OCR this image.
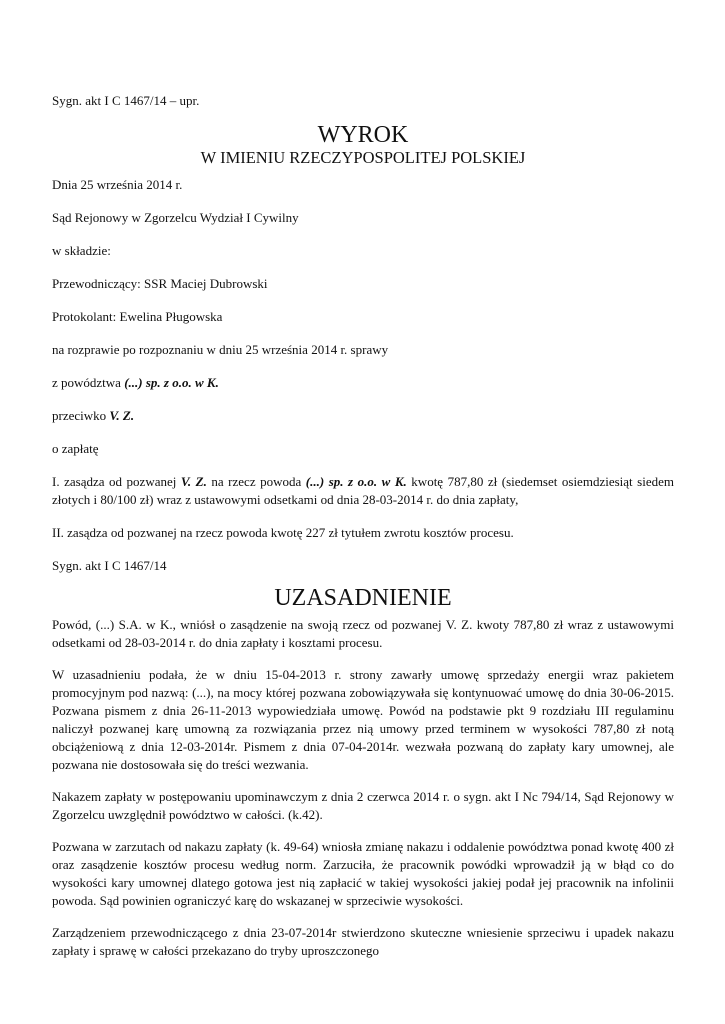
Sygn. akt I C 1467/14 – upr.

WYROK
W IMIENIU RZECZYPOSPOLITEJ POLSKIEJ

Dnia 25 września 2014 r.

Sąd Rejonowy w Zgorzelcu Wydział I Cywilny

w składzie:

Przewodniczący: SSR Maciej Dubrowski

Protokolant: Ewelina Pługowska

na rozprawie po rozpoznaniu w dniu 25 września 2014 r. sprawy

z powództwa (...) sp. z o.o. w K.

przeciwko V. Z.

o zapłatę

I. zasądza od pozwanej V. Z. na rzecz powoda (...) sp. z o.o. w K. kwotę 787,80 zł (siedemset osiemdziesiąt siedem złotych i 80/100 zł) wraz z ustawowymi odsetkami od dnia 28-03-2014 r. do dnia zapłaty,

II. zasądza od pozwanej na rzecz powoda kwotę 227 zł tytułem zwrotu kosztów procesu.

Sygn. akt I C 1467/14

UZASADNIENIE

Powód, (...) S.A. w K., wniósł o zasądzenie na swoją rzecz od pozwanej V. Z. kwoty 787,80 zł wraz z ustawowymi odsetkami od 28-03-2014 r. do dnia zapłaty i kosztami procesu.

W uzasadnieniu podała, że w dniu 15-04-2013 r. strony zawarły umowę sprzedaży energii wraz pakietem promocyjnym pod nazwą: (...), na mocy której pozwana zobowiązywała się kontynuować umowę do dnia 30-06-2015. Pozwana pismem z dnia 26-11-2013 wypowiedziała umowę. Powód na podstawie pkt 9 rozdziału III regulaminu naliczył pozwanej karę umowną za rozwiązania przez nią umowy przed terminem w wysokości 787,80 zł notą obciążeniową z dnia 12-03-2014r. Pismem z dnia 07-04-2014r. wezwała pozwaną do zapłaty kary umownej, ale pozwana nie dostosowała się do treści wezwania.

Nakazem zapłaty w postępowaniu upominawczym z dnia 2 czerwca 2014 r. o sygn. akt I Nc 794/14, Sąd Rejonowy w Zgorzelcu uwzględnił powództwo w całości. (k.42).

Pozwana w zarzutach od nakazu zapłaty (k. 49-64) wniosła zmianę nakazu i oddalenie powództwa ponad kwotę 400 zł oraz zasądzenie kosztów procesu według norm. Zarzuciła, że pracownik powódki wprowadził ją w błąd co do wysokości kary umownej dlatego gotowa jest nią zapłacić w takiej wysokości jakiej podał jej pracownik na infolinii powoda. Sąd powinien ograniczyć karę do wskazanej w sprzeciwie wysokości.

Zarządzeniem przewodniczącego z dnia 23-07-2014r stwierdzono skuteczne wniesienie sprzeciwu i upadek nakazu zapłaty i sprawę w całości przekazano do tryby uproszczonego
